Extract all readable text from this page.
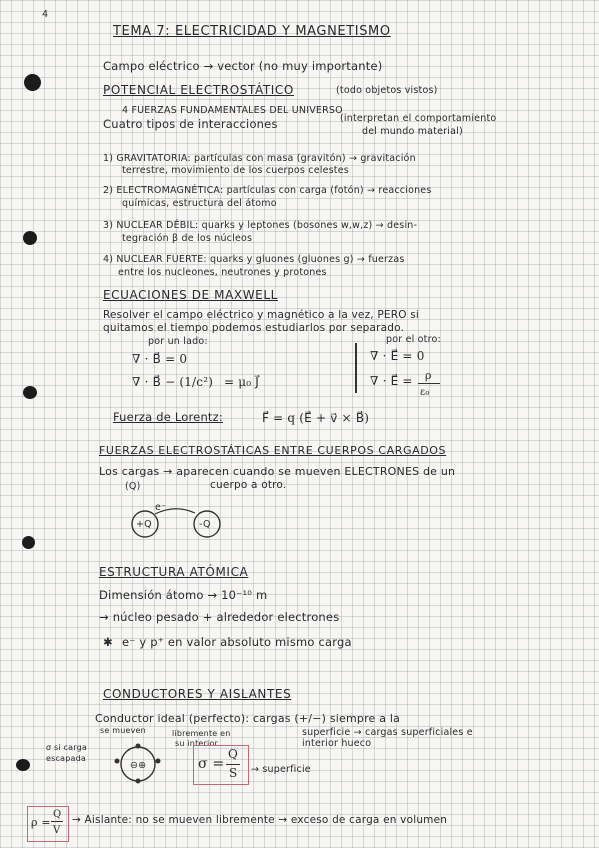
4
TEMA 7: ELECTRICIDAD Y MAGNETISMO
Campo eléctrico → vector (no muy importante)
POTENCIAL ELECTROSTÁTICO	(todo objetos vistos)
4 FUERZAS FUNDAMENTALES DEL UNIVERSO
Cuatro tipos de interacciones	(interpretan el comportamiento
del mundo material)
1) GRAVITATORIA: partículas con masa (gravitón) → gravitación
terrestre, movimiento de los cuerpos celestes
2) ELECTROMAGNÉTICA: partículas con carga (fotón) → reacciones
químicas, estructura del átomo
3) NUCLEAR DÉBIL: quarks y leptones (bosones w,w,z) → desin-
tegración β de los núcleos
4) NUCLEAR FUERTE: quarks y gluones (gluones g) → fuerzas
entre los nucleones, neutrones y protones
ECUACIONES DE MAXWELL
Resolver el campo eléctrico y magnético a la vez, PERO si
quitamos el tiempo podemos estudiarlos por separado.
por un lado:	por el otro:
∇ · B⃗ = 0
∇ · B⃗ − (1/c²) = μ₀ J⃗
∇ · E⃗ = 0
∇ · E⃗ = ρ
ε₀
Fuerza de Lorentz:	F⃗ = q (E⃗ + v⃗ × B⃗)
FUERZAS ELECTROSTÁTICAS ENTRE CUERPOS CARGADOS
Los cargas → aparecen cuando se mueven ELECTRONES de un
(Q)	cuerpo a otro.
e⁻
+Q	-Q
ESTRUCTURA ATÓMICA
Dimensión átomo → 10⁻¹⁰ m
→ núcleo pesado + alrededor electrones
✱ e⁻ y p⁺ en valor absoluto mismo carga
CONDUCTORES Y AISLANTES
Conductor ideal (perfecto): cargas (+/−) siempre a la
se mueven	libremente en
su interior
superficie → cargas superficiales e
interior hueco
σ si carga
escapada
⊖⊕	σ =
Q
S → superficie
ρ =
Q
V
→ Aislante: no se mueven libremente → exceso de carga en volumen
